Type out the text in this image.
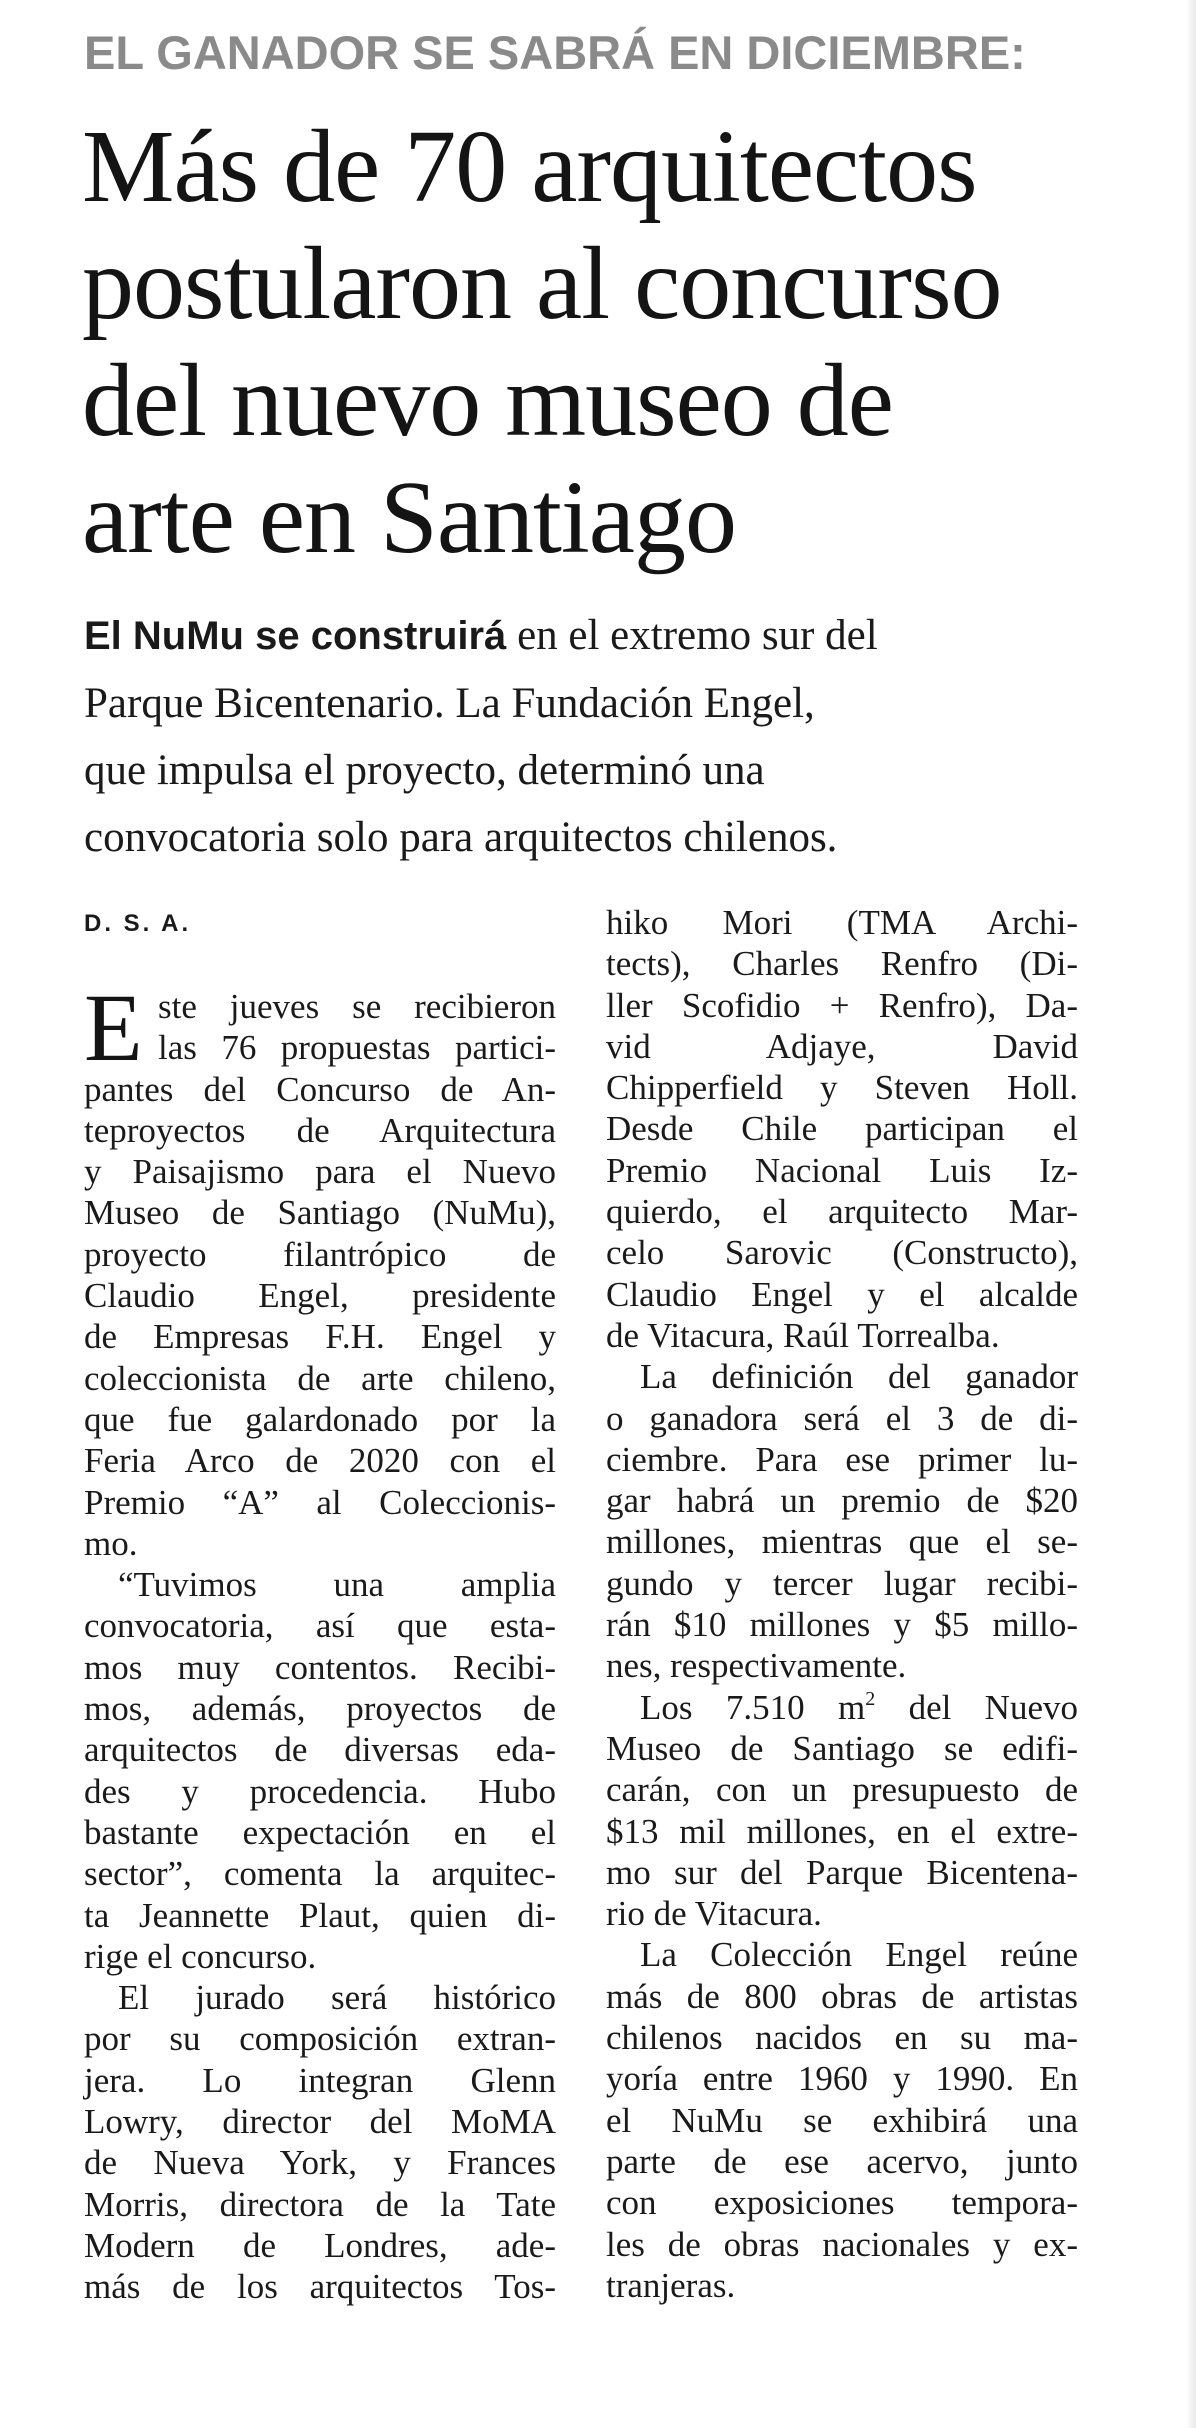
EL GANADOR SE SABRÁ EN DICIEMBRE:
Más de 70 arquitectos
postularon al concurso
del nuevo museo de
arte en Santiago
El NuMu se construirá en el extremo sur del
Parque Bicentenario. La Fundación Engel,
que impulsa el proyecto, determinó una
convocatoria solo para arquitectos chilenos.
D. S. A.
E ste jueves se recibieron
las 76 propuestas partici-
pantes del Concurso de An-
teproyectos de Arquitectura
y Paisajismo para el Nuevo
Museo de Santiago (NuMu),
proyecto filantrópico de
Claudio Engel, presidente
de Empresas F.H. Engel y
coleccionista de arte chileno,
que fue galardonado por la
Feria Arco de 2020 con el
Premio “A” al Coleccionis-
mo.
“Tuvimos una amplia
convocatoria, así que esta-
mos muy contentos. Recibi-
mos, además, proyectos de
arquitectos de diversas eda-
des y procedencia. Hubo
bastante expectación en el
sector”, comenta la arquitec-
ta Jeannette Plaut, quien di-
rige el concurso.
El jurado será histórico
por su composición extran-
jera. Lo integran Glenn
Lowry, director del MoMA
de Nueva York, y Frances
Morris, directora de la Tate
Modern de Londres, ade-
más de los arquitectos Tos-
hiko Mori (TMA Archi-
tects), Charles Renfro (Di-
ller Scofidio + Renfro), Da-
vid Adjaye, David
Chipperfield y Steven Holl.
Desde Chile participan el
Premio Nacional Luis Iz-
quierdo, el arquitecto Mar-
celo Sarovic (Constructo),
Claudio Engel y el alcalde
de Vitacura, Raúl Torrealba.
La definición del ganador
o ganadora será el 3 de di-
ciembre. Para ese primer lu-
gar habrá un premio de $20
millones, mientras que el se-
gundo y tercer lugar recibi-
rán $10 millones y $5 millo-
nes, respectivamente.
Los 7.510 $m^2$ del Nuevo
Museo de Santiago se edifi-
carán, con un presupuesto de
$13 mil millones, en el extre-
mo sur del Parque Bicentena-
rio de Vitacura.
La Colección Engel reúne
más de 800 obras de artistas
chilenos nacidos en su ma-
yoría entre 1960 y 1990. En
el NuMu se exhibirá una
parte de ese acervo, junto
con exposiciones tempora-
les de obras nacionales y ex-
tranjeras.
